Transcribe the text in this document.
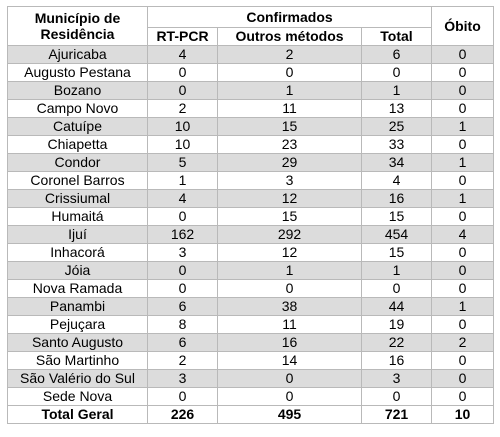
Município de
Residência	Confirmados			Óbito
	RT-PCR	Outros métodos	Total	
Ajuricaba	4	2	6	0
Augusto Pestana	0	0	0	0
Bozano	0	1	1	0
Campo Novo	2	11	13	0
Catuípe	10	15	25	1
Chiapetta	10	23	33	0
Condor	5	29	34	1
Coronel Barros	1	3	4	0
Crissiumal	4	12	16	1
Humaitá	0	15	15	0
Ijuí	162	292	454	4
Inhacorá	3	12	15	0
Jóia	0	1	1	0
Nova Ramada	0	0	0	0
Panambi	6	38	44	1
Pejuçara	8	11	19	0
Santo Augusto	6	16	22	2
São Martinho	2	14	16	0
São Valério do Sul	3	0	3	0
Sede Nova	0	0	0	0
Total Geral	226	495	721	10
